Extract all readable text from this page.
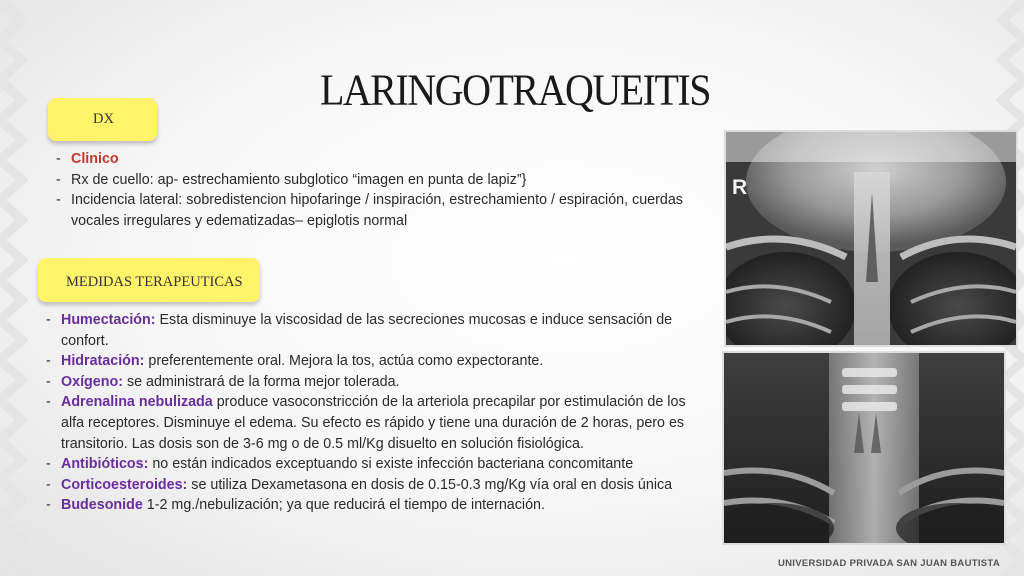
LARINGOTRAQUEITIS
DX
- Clinico
- Rx de cuello: ap- estrechamiento subglotico “imagen en punta de lapiz”}
- Incidencia lateral: sobredistencion hipofaringe / inspiración, estrechamiento / espiración, cuerdas vocales irregulares y edematizadas– epiglotis normal
MEDIDAS TERAPEUTICAS
- Humectación: Esta disminuye la viscosidad de las secreciones mucosas e induce sensación de confort.
- Hidratación: preferentemente oral. Mejora la tos, actúa como expectorante.
- Oxígeno: se administrará de la forma mejor tolerada.
- Adrenalina nebulizada produce vasoconstricción de la arteriola precapilar por estimulación de los alfa receptores. Disminuye el edema. Su efecto es rápido y tiene una duración de 2 horas, pero es transitorio. Las dosis son de 3-6 mg o de 0.5 ml/Kg disuelto en solución fisiológica.
- Antibióticos: no están indicados exceptuando si existe infección bacteriana concomitante
- Corticoesteroides: se utiliza Dexametasona en dosis de 0.15-0.3 mg/Kg vía oral en dosis única
- Budesonide 1-2 mg./nebulización; ya que reducirá el tiempo de internación.
R
UNIVERSIDAD PRIVADA SAN JUAN BAUTISTA
